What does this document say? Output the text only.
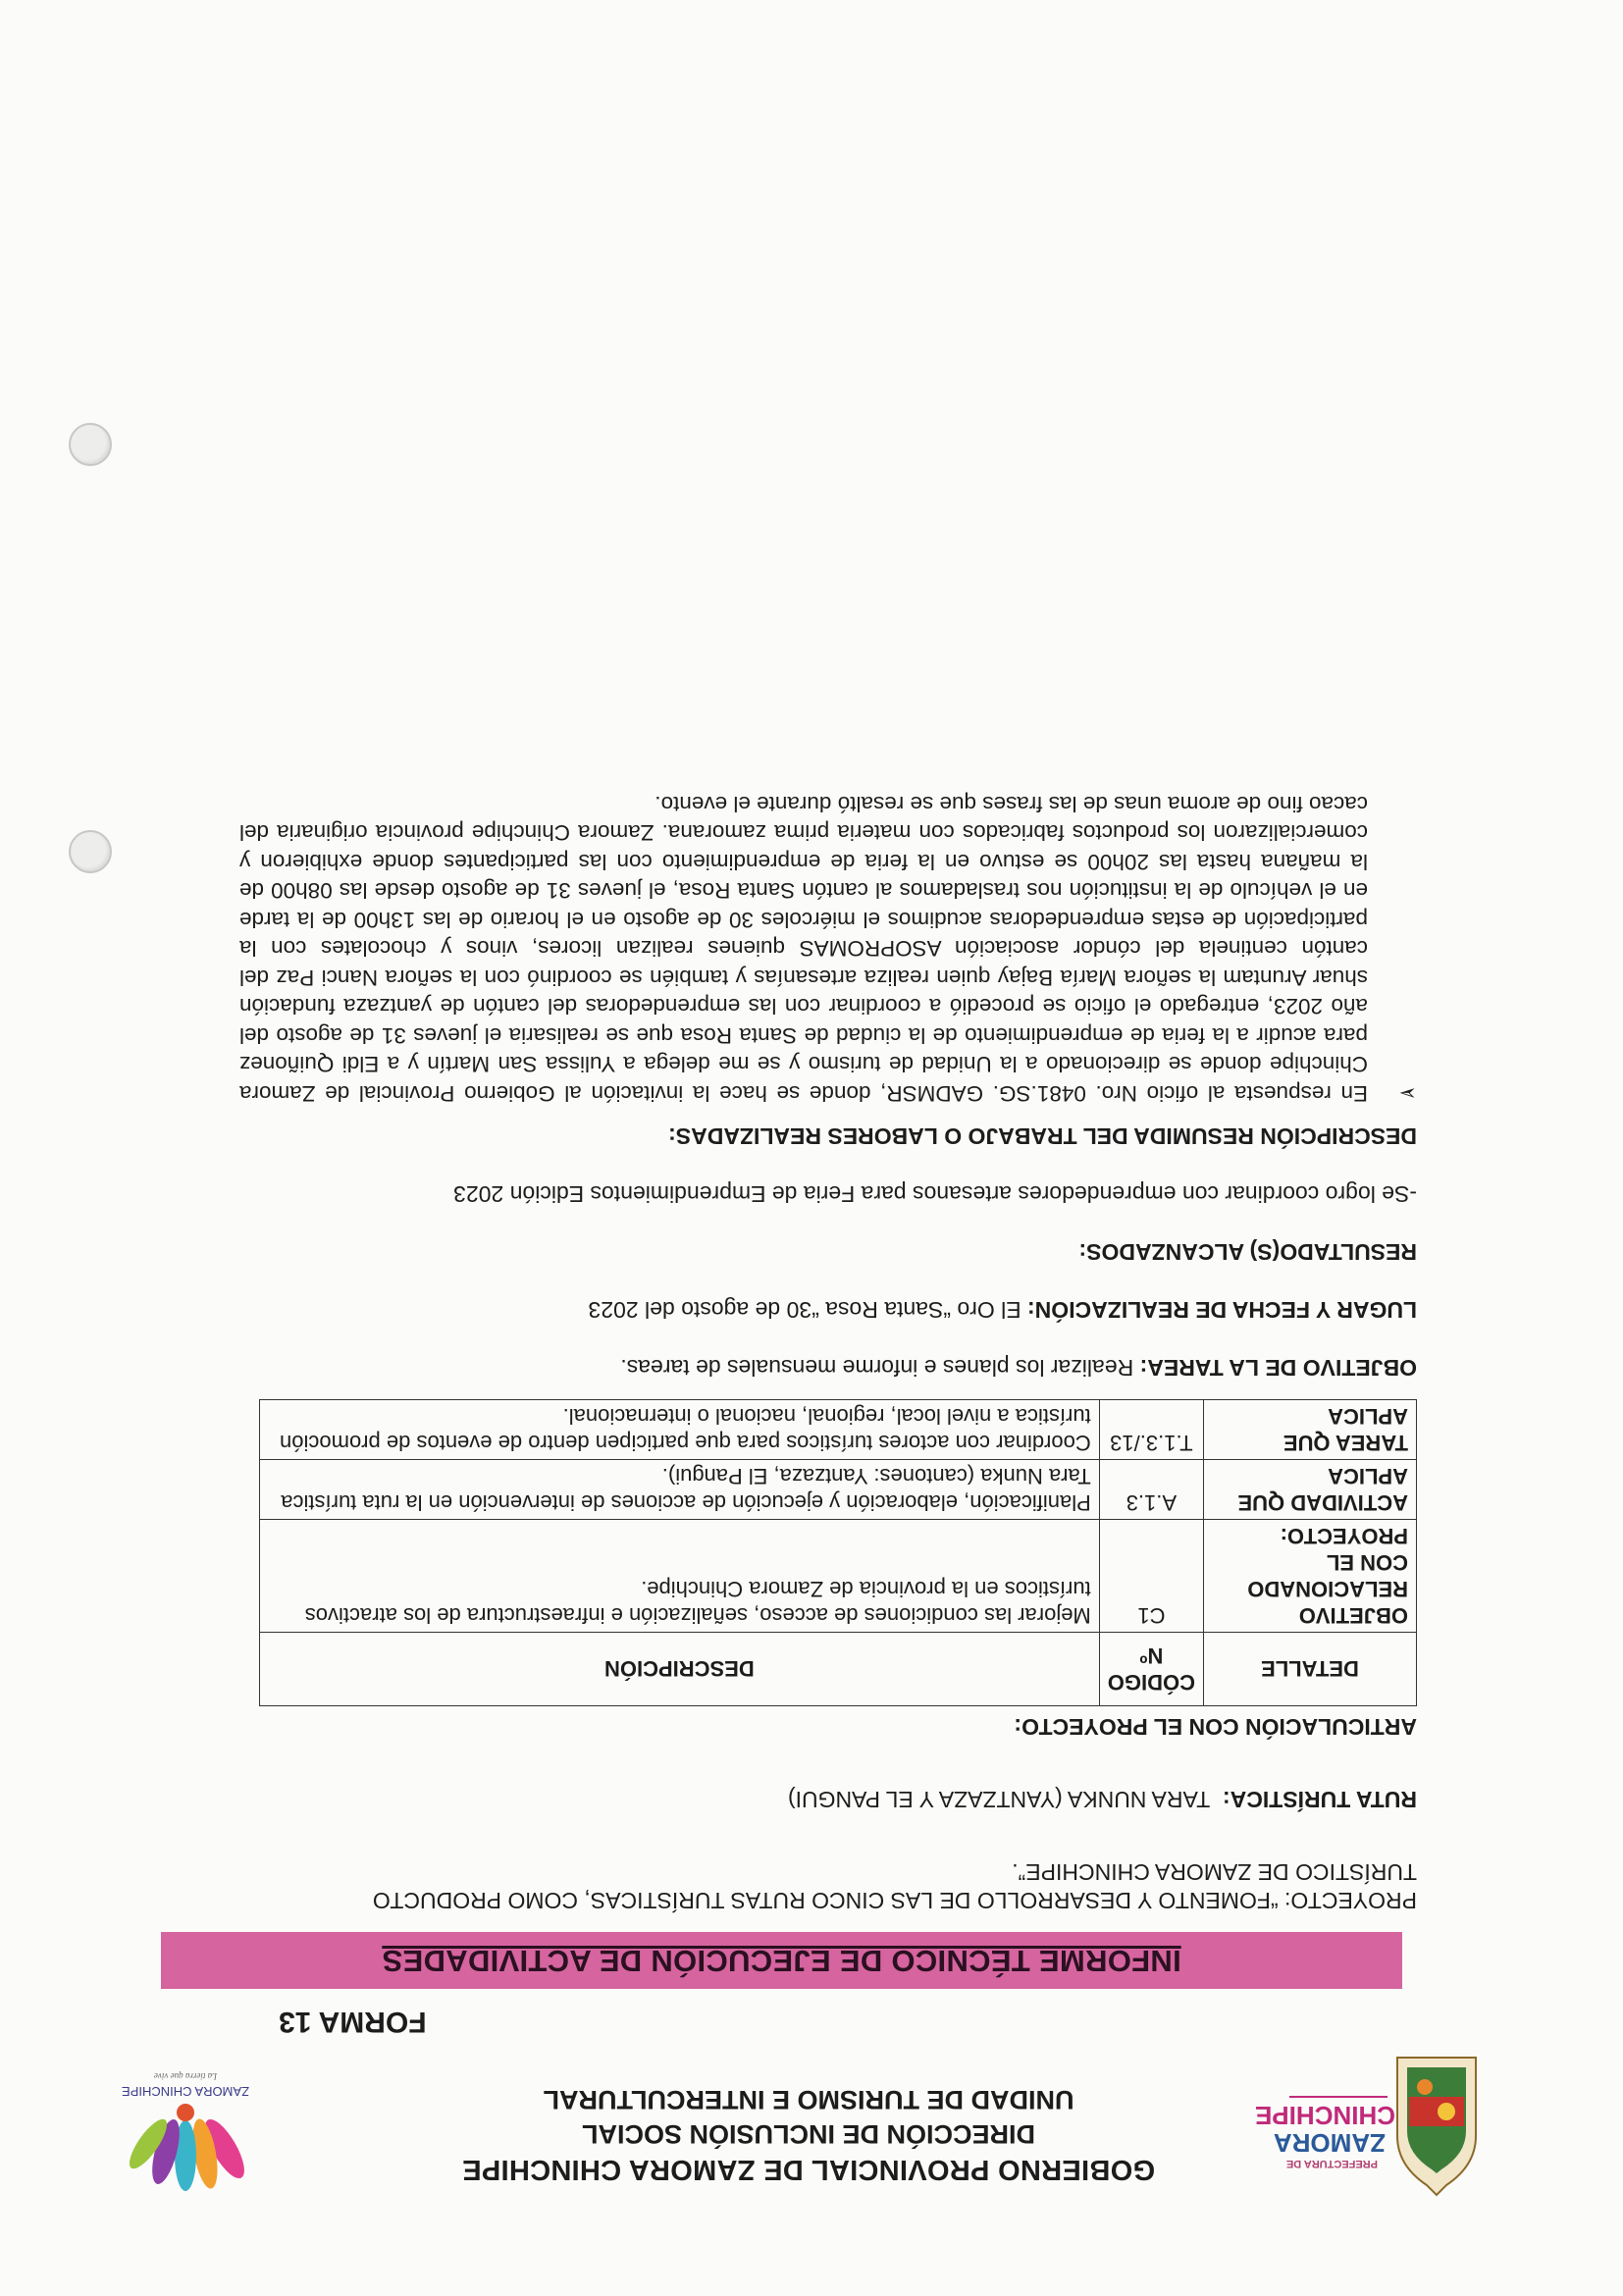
PREFECTURA DE
ZAMORA
CHINCHIPE
GOBIERNO PROVINCIAL DE ZAMORA CHINCHIPE
DIRECCIÓN DE INCLUSIÓN SOCIAL
UNIDAD DE TURISMO E INTERCULTURAL
ZAMORA CHINCHIPE
La tierra que vive
FORMA 13
INFORME TÉCNICO DE EJECUCIÓN DE ACTIVIDADES

PROYECTO: “FOMENTO Y DESARROLLO DE LAS CINCO RUTAS TURÍSTICAS, COMO PRODUCTO TURÍSTICO DE ZAMORA CHINCHIPE”.

RUTA TURÍSTICA:  TARA NUNKA (YANTZAZA Y EL PANGUI)

ARTICULACIÓN CON EL PROYECTO:

DETALLE	CÓDIGO Nº	DESCRIPCIÓN
OBJETIVO RELACIONADO CON EL PROYECTO:	C1	Mejorar las condiciones de acceso, señalización e infraestructura de los atractivos turísticos en la provincia de Zamora Chinchipe.
ACTIVIDAD QUE APLICA	A.1.3	Planificación, elaboración y ejecución de acciones de intervención en la ruta turística Tara Nunka (cantones: Yantzaza, El Pangui).
TAREA QUE APLICA	T.1.3./13	Coordinar con actores turísticos para que participen dentro de eventos de promoción turística a nivel local, regional, nacional o internacional.

OBJETIVO DE LA TAREA: Realizar los planes e informe mensuales de tareas.

LUGAR Y FECHA DE REALIZACIÓN: El Oro “Santa Rosa “30 de agosto del 2023

RESULTADO(S) ALCANZADOS:

-Se logro coordinar con emprendedores artesanos para Feria de Emprendimientos Edición 2023

DESCRIPCIÓN RESUMIDA DEL TRABAJO O LABORES REALIZADAS:

➢
En respuesta al oficio Nro. 0481.SG. GADMSR, donde se hace la invitación al Gobierno Provincial de Zamora Chinchipe donde se direcionado a la Unidad de turismo y se me delega a Yulissa San Martín y a Eldi Quiñonez para acudir a la feria de emprendimiento de la ciudad de Santa Rosa que se realisaria el jueves 31 de agosto del año 2023, entregado el oficio se procedió a coordinar con las emprendedoras del cantón de yantzaza fundación shuar Aruntam la señora María Bajay quien realiza artesanías y también se coordinó con la señora Nanci Paz del cantón centinela del cóndor asociación ASOPROMAS quienes realizan licores, vinos y chocolates con la participación de estas emprendedoras acudimos el miércoles 30 de agosto en el horario de las 13h00 de la tarde en el vehículo de la institución nos trasladamos al cantón Santa Rosa, el jueves 31 de agosto desde las 08h00 de la mañana hasta las 20h00 se estuvo en la feria de emprendimiento con las participantes donde exhibieron y comercializaron los productos fabricados con materia prima zamorana. Zamora Chinchipe provincia originaria del cacao fino de aroma unas de las frases que se resaltó durante el evento.
